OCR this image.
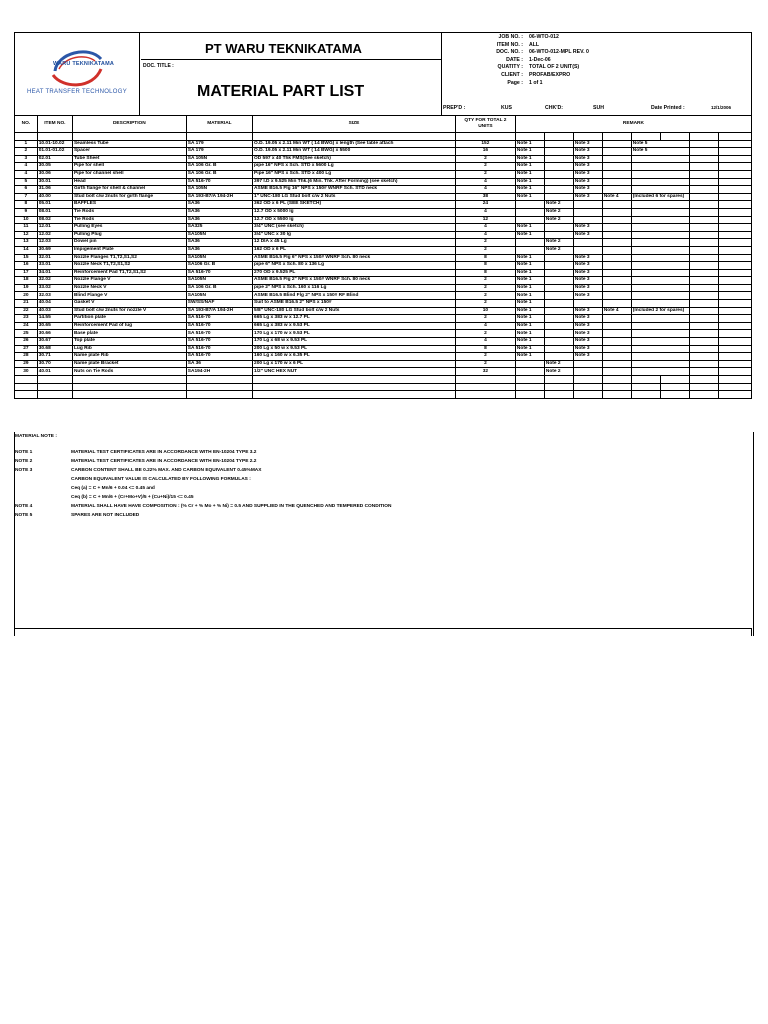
WARU TEKNIKATAMA
HEAT TRANSFER TECHNOLOGY
PT WARU TEKNIKATAMA
DOC. TITLE :
MATERIAL PART LIST
JOB NO. : 06-WTO-012
ITEM NO. : ALL
DOC. NO. : 06-WTO-012-MPL REV. 0
DATE : 1-Dec-06
QUATITY : TOTAL OF 2 UNIT(S)
CLIENT : PROFAB/EXPRO
Page : 1 of 1
PREP'D :	KUS	CHK'D:	SUH	Date Printed :	12/1/2006
NO.	ITEM NO.	DESCRIPTION	MATERIAL	SIZE	QTY FOR TOTAL 2 UNITS	REMARK							

1	10.01-10.02	Seamless Tube	SA 179	O.D. 19.05 x 2.11 Min WT ( 14 BWG) x length (See table attach	152	Note 1		Note 3		Note 5			
2	01.01-01.02	Spacer	SA 179	O.D. 19.05 x 2.11 Min WT ( 14 BWG) x 5500	16	Note 1		Note 3		Note 5			
3	02.01	Tube Sheet	SA 105N	OD 597 x 40 Thk FMS(See sketch)	2	Note 1		Note 3					
4	30.05	Pipe for shell	SA 106 Gr. B	pipe 16" NPS x Sch. STD x 5600 Lg	2	Note 1		Note 3					
4	30.06	Pipe for channel shell	SA 106 Gr. B	Pipe 16" NPS x Sch. STD x 400 Lg	2	Note 1		Note 3					
5	30.01	Head	SA 516-70	397 I.D x 9.525 Min Thk.(6 Min. Thk. After Forming) (see sketch)	4	Note 1		Note 3					
6	31.06	Girth flange for shell & channel	SA 105N	ASME B16.5 Flg 16" NPS x 150# WNRF Sch. STD neck	4	Note 1		Note 3					
7	40.00	Stud bolt c/w 2nuts for girth flange	SA 193-B7/A 194-2H	1" UNC-180 LG Stud bolt c/w 2 Nuts	38	Note 1		Note 3	Note 4	(Included 6 for spares)			
8	05.01	BAFFLES	SA36	362 OD x 6 PL (SEE SKETCH)	24		Note 2						
9	08.01	Tie Rods	SA36	12.7 OD x 5000 lg	4		Note 2						
10	08.02	Tie Rods	SA36	12.7 OD x 5500 lg	12		Note 2						
11	12.01	Pulling Eyes	SA325	3/4" UNC (see sketch)	4	Note 1		Note 3					
12	12.02	Pulling Plug	SA105N	3/4" UNC x 30 lg	4	Note 1		Note 3					
13	12.03	Dowel pin	SA36	12 DIA x 45 Lg	2		Note 2						
14	30.69	Impigement Plate	SA36	162 OD x 6 PL	2		Note 2						
15	32.01	Nozzle Flanges T1,T2,S1,S2	SA105N	ASME B16.5 Flg 6" NPS x 150# WNRF Sch. 80 neck	8	Note 1		Note 3					
16	33.01	Nozzle Neck T1,T2,S1,S2	SA106 Gr. B	pipe 6" NPS x Sch. 80 x 136 Lg	8	Note 1		Note 3					
17	34.01	Reinforcement Pad T1,T2,S1,S2	SA 516-70	270 OD x 9.525 PL	8	Note 1		Note 3					
18	32.02	Nozzle Flange V	SA105N	ASME B16.5 Flg 2" NPS x 150# WNRF Sch. 80 neck	2	Note 1		Note 3					
19	33.02	Nozzle Neck V	SA 106 Gr. B	pipe 2" NPS x Sch. 160 x 116 Lg	2	Note 1		Note 3					
20	32.03	Blind Flange V	SA105N	ASME B16.5 Blind Flg 2" NPS x 150# RF Blind	2	Note 1		Note 3					
21	40.04	Gasket V	SW/SS/NAF	Suit to ASME B16.5 2" NPS x 150#	2	Note 1							
22	40.03	Stud bolt c/w 2nuts for nozzle V	SA 193-B7/A 194-2H	5/8" UNC-180 LG Stud bolt c/w 2 Nuts	10	Note 1		Note 3	Note 4	(Included 2 for spares)			
23	14.55	Partition plate	SA 516-70	665 Lg x 383 w x 12.7 PL	2	Note 1		Note 3					
24	30.65	Reinforcement Pad of lug	SA 516-70	665 Lg x 383 w x 9.53 PL	4	Note 1		Note 3					
25	30.66	Base plate	SA 516-70	170 Lg x 170 w x 9.53 PL	2	Note 1		Note 3					
26	30.67	Top plate	SA 516-70	170 Lg x 68 w x 9.53 PL	4	Note 1		Note 3					
27	30.68	Lug Rib	SA 516-70	200 Lg x 50 w x 9.53 PL	8	Note 1		Note 3					
28	30.71	Name plate Rib	SA 516-70	160 Lg x 160 w x 6.35 PL	2	Note 1		Note 3					
29	30.70	Name plate Bracket	SA 36	200 Lg x 170 w x 6 PL	2		Note 2						
30	40.01	Nuts on Tie Rods	SA194-2H	1/2" UNC HEX NUT	32		Note 2						

MATERIAL NOTE :
NOTE 1	MATERIAL TEST CERTIFICATES ARE IN ACCORDANCE WITH EN-10204 TYPE 3.2
NOTE 2	MATERIAL TEST CERTIFICATES ARE IN ACCORDANCE WITH EN-10204 TYPE 2.2
NOTE 3	CARBON CONTENT SHALL BE 0.22% MAX. AND CARBON EQUIVALENT 0.45%MAX
CARBON EQUIVALENT VALUE IS CALCULATED BY FOLLOWING FORMULAS :
Ceq (a) = C + Mn/6 + 0.04 <= 0.45 and
Ceq (b) = C + Mn/6 + (Cr+Mo+V)/5 + (Cu+Ni)/15 <= 0.45
NOTE 4	MATERIAL SHALL HAVE HAVE COMPOSITION : (% Cr + % Mo + % Ni) = 0.5 AND SUPPLIED IN THE QUENCHED AND TEMPERED CONDITION
NOTE 5	SPARES ARE NOT INCLUDED
